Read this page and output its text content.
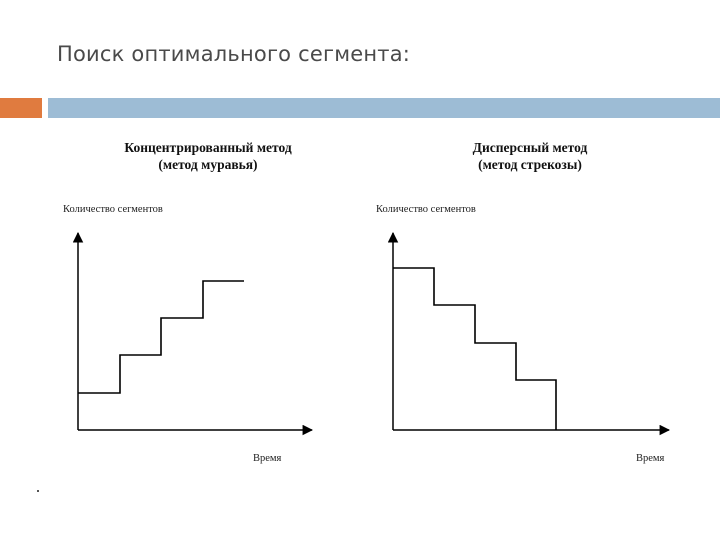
Поиск оптимального сегмента:
Концентрированный метод
(метод муравья)
Количество сегментов
Время
Дисперсный метод
(метод стрекозы)
Количество сегментов
Время
